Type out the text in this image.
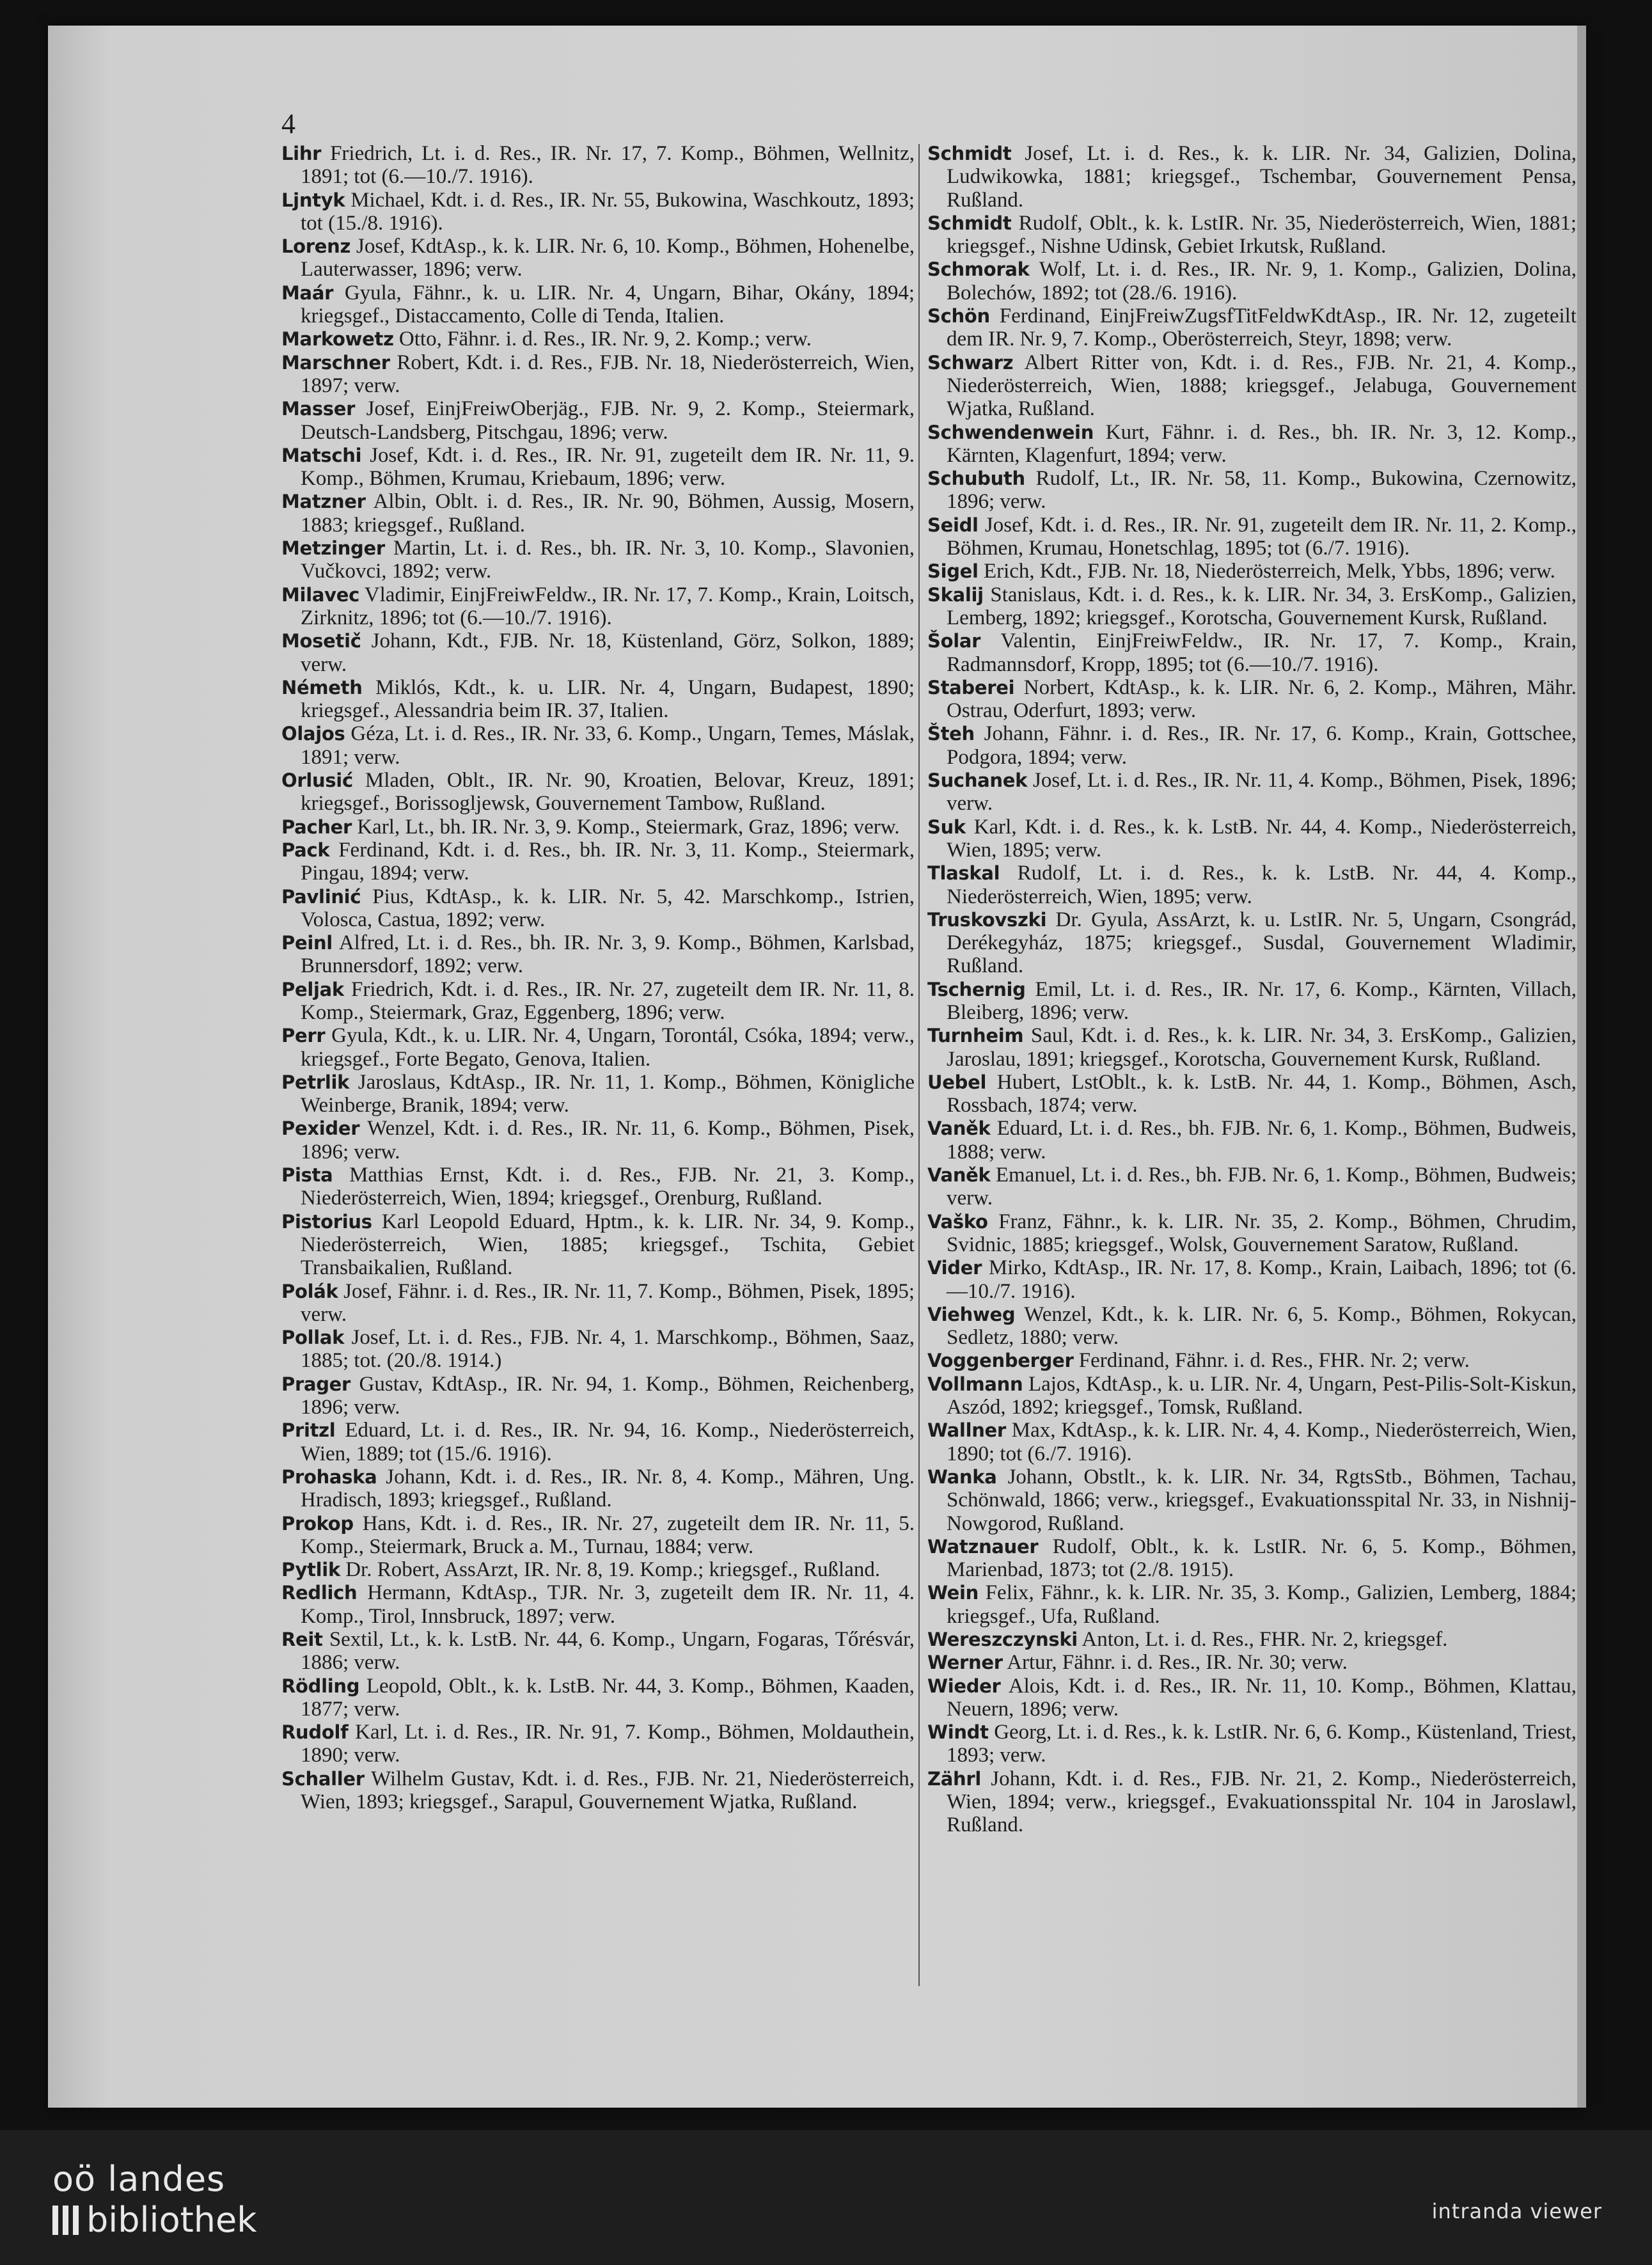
4

Lihr Friedrich, Lt. i. d. Res., IR. Nr. 17, 7. Komp., Böhmen, Wellnitz, 1891; tot (6.—10./7. 1916).

Ljntyk Michael, Kdt. i. d. Res., IR. Nr. 55, Bukowina, Waschkoutz, 1893; tot (15./8. 1916).

Lorenz Josef, KdtAsp., k. k. LIR. Nr. 6, 10. Komp., Böhmen, Hohenelbe, Lauterwasser, 1896; verw.

Maár Gyula, Fähnr., k. u. LIR. Nr. 4, Ungarn, Bihar, Okány, 1894; kriegsgef., Distaccamento, Colle di Tenda, Italien.

Markowetz Otto, Fähnr. i. d. Res., IR. Nr. 9, 2. Komp.; verw.

Marschner Robert, Kdt. i. d. Res., FJB. Nr. 18, Niederösterreich, Wien, 1897; verw.

Masser Josef, EinjFreiwOberjäg., FJB. Nr. 9, 2. Komp., Steiermark, Deutsch-Landsberg, Pitschgau, 1896; verw.

Matschi Josef, Kdt. i. d. Res., IR. Nr. 91, zugeteilt dem IR. Nr. 11, 9. Komp., Böhmen, Krumau, Kriebaum, 1896; verw.

Matzner Albin, Oblt. i. d. Res., IR. Nr. 90, Böhmen, Aussig, Mosern, 1883; kriegsgef., Rußland.

Metzinger Martin, Lt. i. d. Res., bh. IR. Nr. 3, 10. Komp., Slavonien, Vučkovci, 1892; verw.

Milavec Vladimir, EinjFreiwFeldw., IR. Nr. 17, 7. Komp., Krain, Loitsch, Zirknitz, 1896; tot (6.—10./7. 1916).

Mosetič Johann, Kdt., FJB. Nr. 18, Küstenland, Görz, Solkon, 1889; verw.

Németh Miklós, Kdt., k. u. LIR. Nr. 4, Ungarn, Budapest, 1890; kriegsgef., Alessandria beim IR. 37, Italien.

Olajos Géza, Lt. i. d. Res., IR. Nr. 33, 6. Komp., Ungarn, Temes, Máslak, 1891; verw.

Orlusić Mladen, Oblt., IR. Nr. 90, Kroatien, Belovar, Kreuz, 1891; kriegsgef., Borissogljewsk, Gouvernement Tambow, Rußland.

Pacher Karl, Lt., bh. IR. Nr. 3, 9. Komp., Steiermark, Graz, 1896; verw.

Pack Ferdinand, Kdt. i. d. Res., bh. IR. Nr. 3, 11. Komp., Steiermark, Pingau, 1894; verw.

Pavlinić Pius, KdtAsp., k. k. LIR. Nr. 5, 42. Marschkomp., Istrien, Volosca, Castua, 1892; verw.

Peinl Alfred, Lt. i. d. Res., bh. IR. Nr. 3, 9. Komp., Böhmen, Karlsbad, Brunnersdorf, 1892; verw.

Peljak Friedrich, Kdt. i. d. Res., IR. Nr. 27, zugeteilt dem IR. Nr. 11, 8. Komp., Steiermark, Graz, Eggenberg, 1896; verw.

Perr Gyula, Kdt., k. u. LIR. Nr. 4, Ungarn, Torontál, Csóka, 1894; verw., kriegsgef., Forte Begato, Genova, Italien.

Petrlik Jaroslaus, KdtAsp., IR. Nr. 11, 1. Komp., Böhmen, Königliche Weinberge, Branik, 1894; verw.

Pexider Wenzel, Kdt. i. d. Res., IR. Nr. 11, 6. Komp., Böhmen, Pisek, 1896; verw.

Pista Matthias Ernst, Kdt. i. d. Res., FJB. Nr. 21, 3. Komp., Niederösterreich, Wien, 1894; kriegsgef., Orenburg, Rußland.

Pistorius Karl Leopold Eduard, Hptm., k. k. LIR. Nr. 34, 9. Komp., Niederösterreich, Wien, 1885; kriegsgef., Tschita, Gebiet Transbaikalien, Rußland.

Polák Josef, Fähnr. i. d. Res., IR. Nr. 11, 7. Komp., Böhmen, Pisek, 1895; verw.

Pollak Josef, Lt. i. d. Res., FJB. Nr. 4, 1. Marschkomp., Böhmen, Saaz, 1885; tot. (20./8. 1914.)

Prager Gustav, KdtAsp., IR. Nr. 94, 1. Komp., Böhmen, Reichenberg, 1896; verw.

Pritzl Eduard, Lt. i. d. Res., IR. Nr. 94, 16. Komp., Niederösterreich, Wien, 1889; tot (15./6. 1916).

Prohaska Johann, Kdt. i. d. Res., IR. Nr. 8, 4. Komp., Mähren, Ung. Hradisch, 1893; kriegsgef., Rußland.

Prokop Hans, Kdt. i. d. Res., IR. Nr. 27, zugeteilt dem IR. Nr. 11, 5. Komp., Steiermark, Bruck a. M., Turnau, 1884; verw.

Pytlik Dr. Robert, AssArzt, IR. Nr. 8, 19. Komp.; kriegsgef., Rußland.

Redlich Hermann, KdtAsp., TJR. Nr. 3, zugeteilt dem IR. Nr. 11, 4. Komp., Tirol, Innsbruck, 1897; verw.

Reit Sextil, Lt., k. k. LstB. Nr. 44, 6. Komp., Ungarn, Fogaras, Tőrésvár, 1886; verw.

Rödling Leopold, Oblt., k. k. LstB. Nr. 44, 3. Komp., Böhmen, Kaaden, 1877; verw.

Rudolf Karl, Lt. i. d. Res., IR. Nr. 91, 7. Komp., Böhmen, Moldauthein, 1890; verw.

Schaller Wilhelm Gustav, Kdt. i. d. Res., FJB. Nr. 21, Niederösterreich, Wien, 1893; kriegsgef., Sarapul, Gouvernement Wjatka, Rußland.

Schmidt Josef, Lt. i. d. Res., k. k. LIR. Nr. 34, Galizien, Dolina, Ludwikowka, 1881; kriegsgef., Tschembar, Gouvernement Pensa, Rußland.

Schmidt Rudolf, Oblt., k. k. LstIR. Nr. 35, Niederösterreich, Wien, 1881; kriegsgef., Nishne Udinsk, Gebiet Irkutsk, Rußland.

Schmorak Wolf, Lt. i. d. Res., IR. Nr. 9, 1. Komp., Galizien, Dolina, Bolechów, 1892; tot (28./6. 1916).

Schön Ferdinand, EinjFreiwZugsfTitFeldwKdtAsp., IR. Nr. 12, zugeteilt dem IR. Nr. 9, 7. Komp., Oberösterreich, Steyr, 1898; verw.

Schwarz Albert Ritter von, Kdt. i. d. Res., FJB. Nr. 21, 4. Komp., Niederösterreich, Wien, 1888; kriegsgef., Jelabuga, Gouvernement Wjatka, Rußland.

Schwendenwein Kurt, Fähnr. i. d. Res., bh. IR. Nr. 3, 12. Komp., Kärnten, Klagenfurt, 1894; verw.

Schubuth Rudolf, Lt., IR. Nr. 58, 11. Komp., Bukowina, Czernowitz, 1896; verw.

Seidl Josef, Kdt. i. d. Res., IR. Nr. 91, zugeteilt dem IR. Nr. 11, 2. Komp., Böhmen, Krumau, Honetschlag, 1895; tot (6./7. 1916).

Sigel Erich, Kdt., FJB. Nr. 18, Niederösterreich, Melk, Ybbs, 1896; verw.

Skalij Stanislaus, Kdt. i. d. Res., k. k. LIR. Nr. 34, 3. ErsKomp., Galizien, Lemberg, 1892; kriegsgef., Korotscha, Gouvernement Kursk, Rußland.

Šolar Valentin, EinjFreiwFeldw., IR. Nr. 17, 7. Komp., Krain, Radmannsdorf, Kropp, 1895; tot (6.—10./7. 1916).

Staberei Norbert, KdtAsp., k. k. LIR. Nr. 6, 2. Komp., Mähren, Mähr. Ostrau, Oderfurt, 1893; verw.

Šteh Johann, Fähnr. i. d. Res., IR. Nr. 17, 6. Komp., Krain, Gottschee, Podgora, 1894; verw.

Suchanek Josef, Lt. i. d. Res., IR. Nr. 11, 4. Komp., Böhmen, Pisek, 1896; verw.

Suk Karl, Kdt. i. d. Res., k. k. LstB. Nr. 44, 4. Komp., Niederösterreich, Wien, 1895; verw.

Tlaskal Rudolf, Lt. i. d. Res., k. k. LstB. Nr. 44, 4. Komp., Niederösterreich, Wien, 1895; verw.

Truskovszki Dr. Gyula, AssArzt, k. u. LstIR. Nr. 5, Ungarn, Csongrád, Derékegyház, 1875; kriegsgef., Susdal, Gouvernement Wladimir, Rußland.

Tschernig Emil, Lt. i. d. Res., IR. Nr. 17, 6. Komp., Kärnten, Villach, Bleiberg, 1896; verw.

Turnheim Saul, Kdt. i. d. Res., k. k. LIR. Nr. 34, 3. ErsKomp., Galizien, Jaroslau, 1891; kriegsgef., Korotscha, Gouvernement Kursk, Rußland.

Uebel Hubert, LstOblt., k. k. LstB. Nr. 44, 1. Komp., Böhmen, Asch, Rossbach, 1874; verw.

Vaněk Eduard, Lt. i. d. Res., bh. FJB. Nr. 6, 1. Komp., Böhmen, Budweis, 1888; verw.

Vaněk Emanuel, Lt. i. d. Res., bh. FJB. Nr. 6, 1. Komp., Böhmen, Budweis; verw.

Vaško Franz, Fähnr., k. k. LIR. Nr. 35, 2. Komp., Böhmen, Chrudim, Svidnic, 1885; kriegsgef., Wolsk, Gouvernement Saratow, Rußland.

Vider Mirko, KdtAsp., IR. Nr. 17, 8. Komp., Krain, Laibach, 1896; tot (6.—10./7. 1916).

Viehweg Wenzel, Kdt., k. k. LIR. Nr. 6, 5. Komp., Böhmen, Rokycan, Sedletz, 1880; verw.

Voggenberger Ferdinand, Fähnr. i. d. Res., FHR. Nr. 2; verw.

Vollmann Lajos, KdtAsp., k. u. LIR. Nr. 4, Ungarn, Pest-Pilis-Solt-Kiskun, Aszód, 1892; kriegsgef., Tomsk, Rußland.

Wallner Max, KdtAsp., k. k. LIR. Nr. 4, 4. Komp., Niederösterreich, Wien, 1890; tot (6./7. 1916).

Wanka Johann, Obstlt., k. k. LIR. Nr. 34, RgtsStb., Böhmen, Tachau, Schönwald, 1866; verw., kriegsgef., Evakuationsspital Nr. 33, in Nishnij-Nowgorod, Rußland.

Watznauer Rudolf, Oblt., k. k. LstIR. Nr. 6, 5. Komp., Böhmen, Marienbad, 1873; tot (2./8. 1915).

Wein Felix, Fähnr., k. k. LIR. Nr. 35, 3. Komp., Galizien, Lemberg, 1884; kriegsgef., Ufa, Rußland.

Wereszczynski Anton, Lt. i. d. Res., FHR. Nr. 2, kriegsgef.

Werner Artur, Fähnr. i. d. Res., IR. Nr. 30; verw.

Wieder Alois, Kdt. i. d. Res., IR. Nr. 11, 10. Komp., Böhmen, Klattau, Neuern, 1896; verw.

Windt Georg, Lt. i. d. Res., k. k. LstIR. Nr. 6, 6. Komp., Küstenland, Triest, 1893; verw.

Zährl Johann, Kdt. i. d. Res., FJB. Nr. 21, 2. Komp., Niederösterreich, Wien, 1894; verw., kriegsgef., Evakuationsspital Nr. 104 in Jaroslawl, Rußland.

oö landes
bibliothek	intranda viewer
